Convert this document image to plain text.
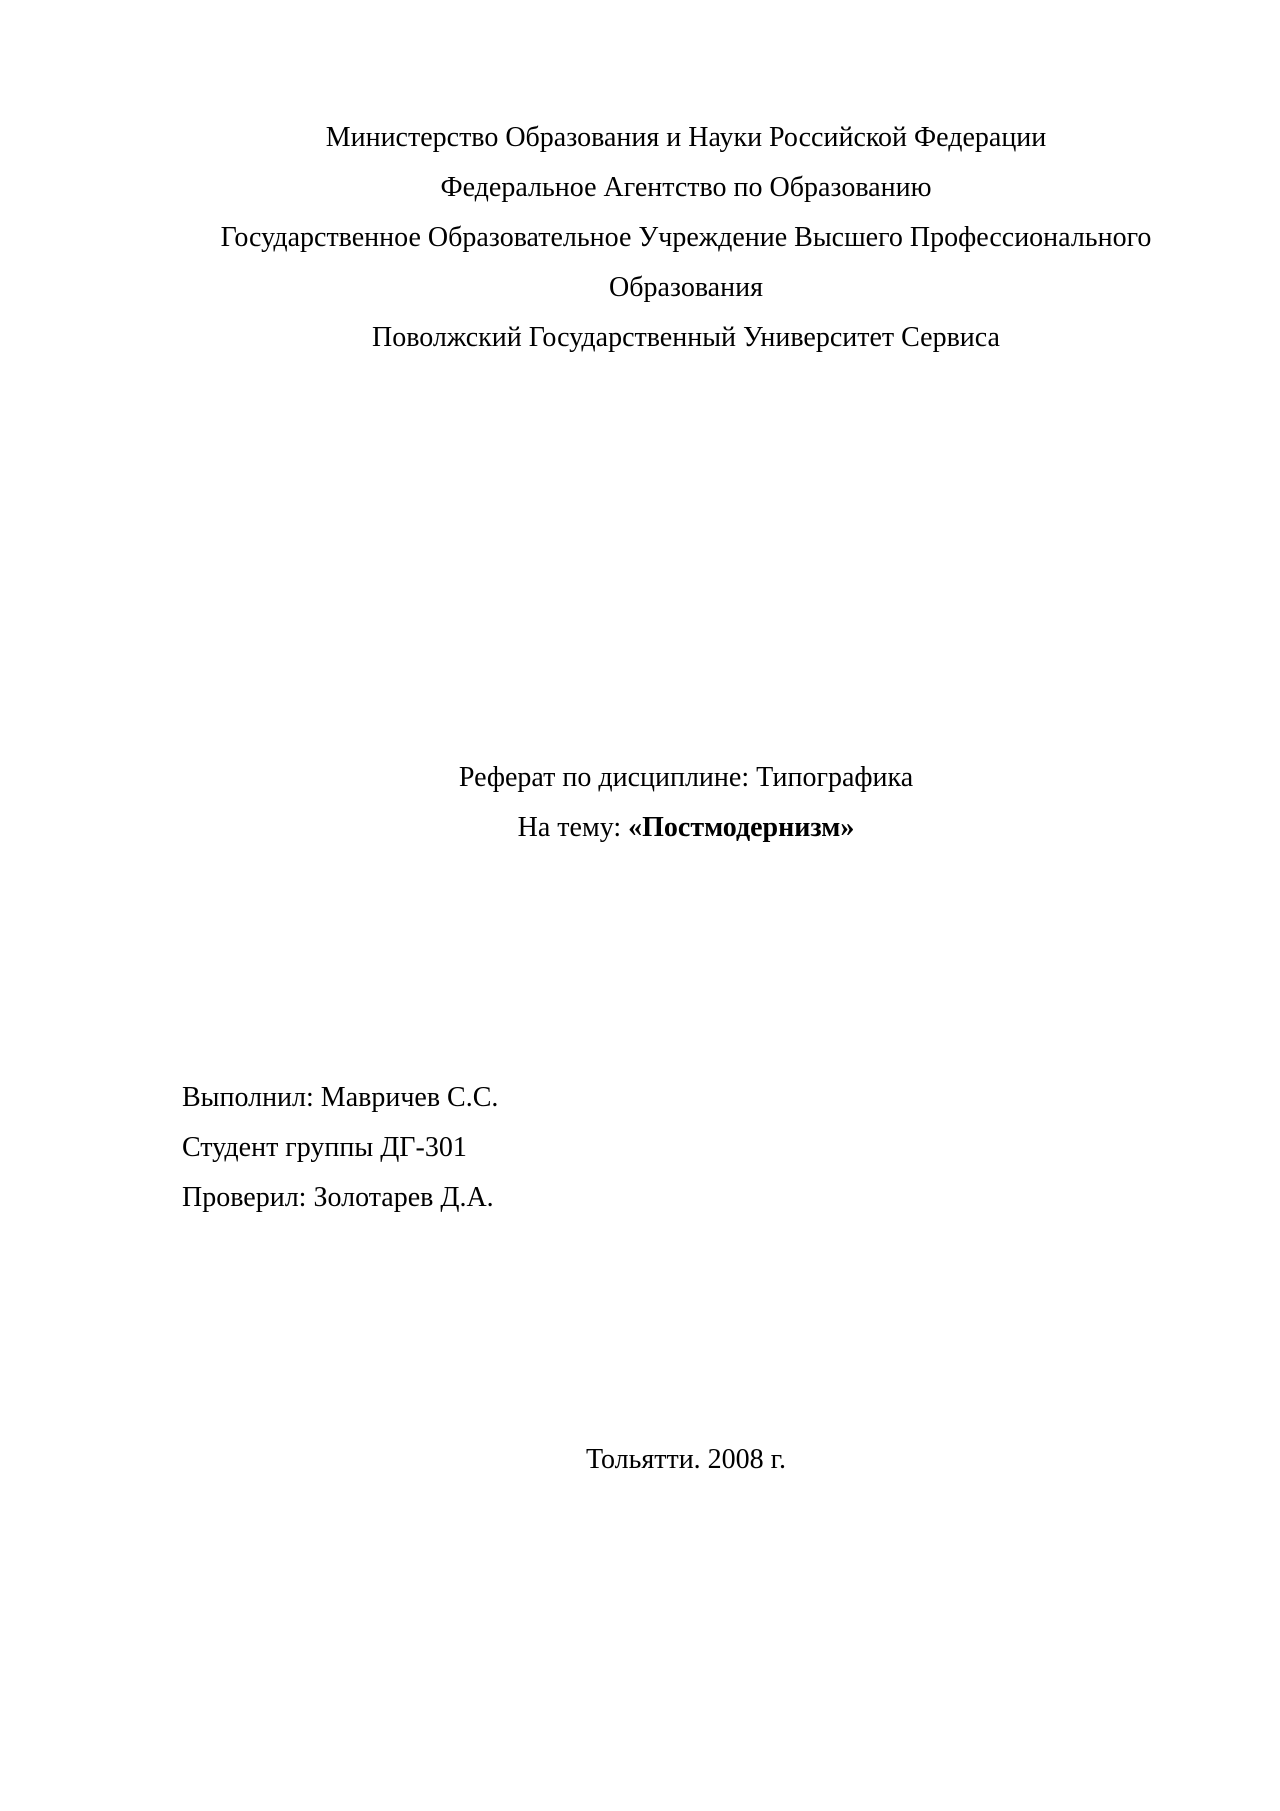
Министерство Образования и Науки Российской Федерации
Федеральное Агентство по Образованию
Государственное Образовательное Учреждение Высшего Профессионального
Образования
Поволжский Государственный Университет Сервиса
Реферат по дисциплине: Типографика
На тему: «Постмодернизм»
Выполнил: Мавричев С.С.
Студент группы ДГ-301
Проверил: Золотарев Д.А.
Тольятти. 2008 г.
